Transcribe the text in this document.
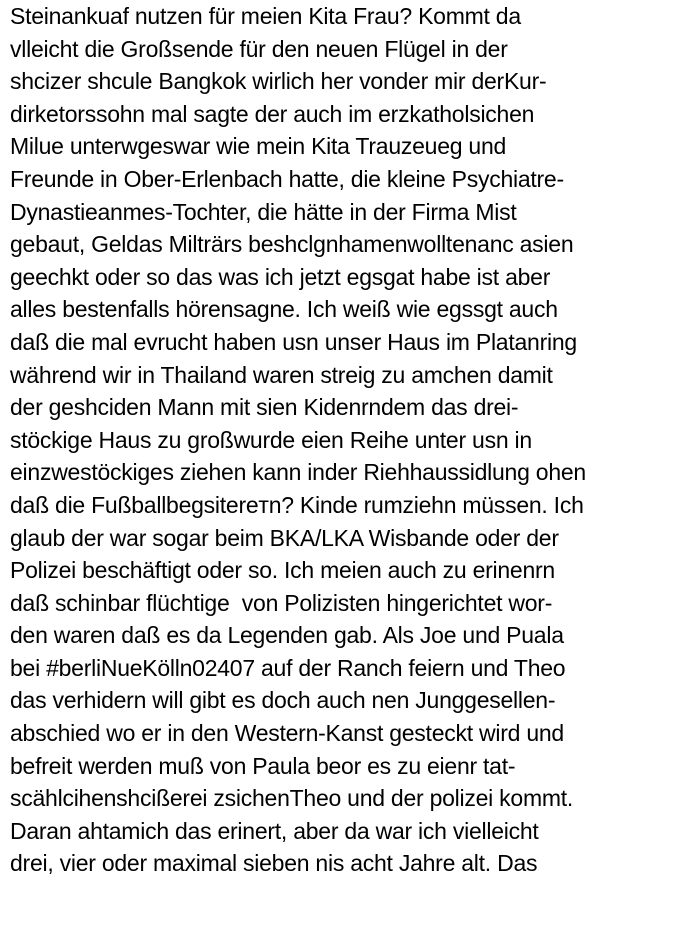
Steinankuaf nutzen für meien Kita Frau? Kommt da
vlleicht die Großsende für den neuen Flügel in der
shcizer shcule Bangkok wirlich her vonder mir derKur-
dirketorssohn mal sagte der auch im erzkatholsichen
Milue unterwgeswar wie mein Kita Trauzeueg und
Freunde in Ober-Erlenbach hatte, die kleine Psychiatre-
Dynastieanmes-Tochter, die hätte in der Firma Mist
gebaut, Geldas Milträrs beshclgnhamenwolltenanc asien
geechkt oder so das was ich jetzt egsgat habe ist aber
alles bestenfalls hörensagne. Ich weiß wie egssgt auch
daß die mal evrucht haben usn unser Haus im Platanring
während wir in Thailand waren streig zu amchen damit
der geshciden Mann mit sien Kidenrndem das drei-
stöckige Haus zu großwurde eien Reihe unter usn in
einzwestöckiges ziehen kann inder Riehhaussidlung ohen
daß die Fußballbegsitereтn? Kinde rumziehn müssen. Ich
glaub der war sogar beim BKA/LKA Wisbande oder der
Polizei beschäftigt oder so. Ich meien auch zu erinenrn
daß schinbar flüchtige  von Polizisten hingerichtet wor-
den waren daß es da Legenden gab. Als Joe und Puala
bei #berliNueKölln02407 auf der Ranch feiern und Theo
das verhidern will gibt es doch auch nen Junggesellen-
abschied wo er in den Western-Kanst gesteckt wird und
befreit werden muß von Paula beor es zu eienr tat-
scählcihenshcißerei zsichenTheo und der polizei kommt.
Daran ahtamich das erinert, aber da war ich vielleicht
drei, vier oder maximal sieben nis acht Jahre alt. Das
